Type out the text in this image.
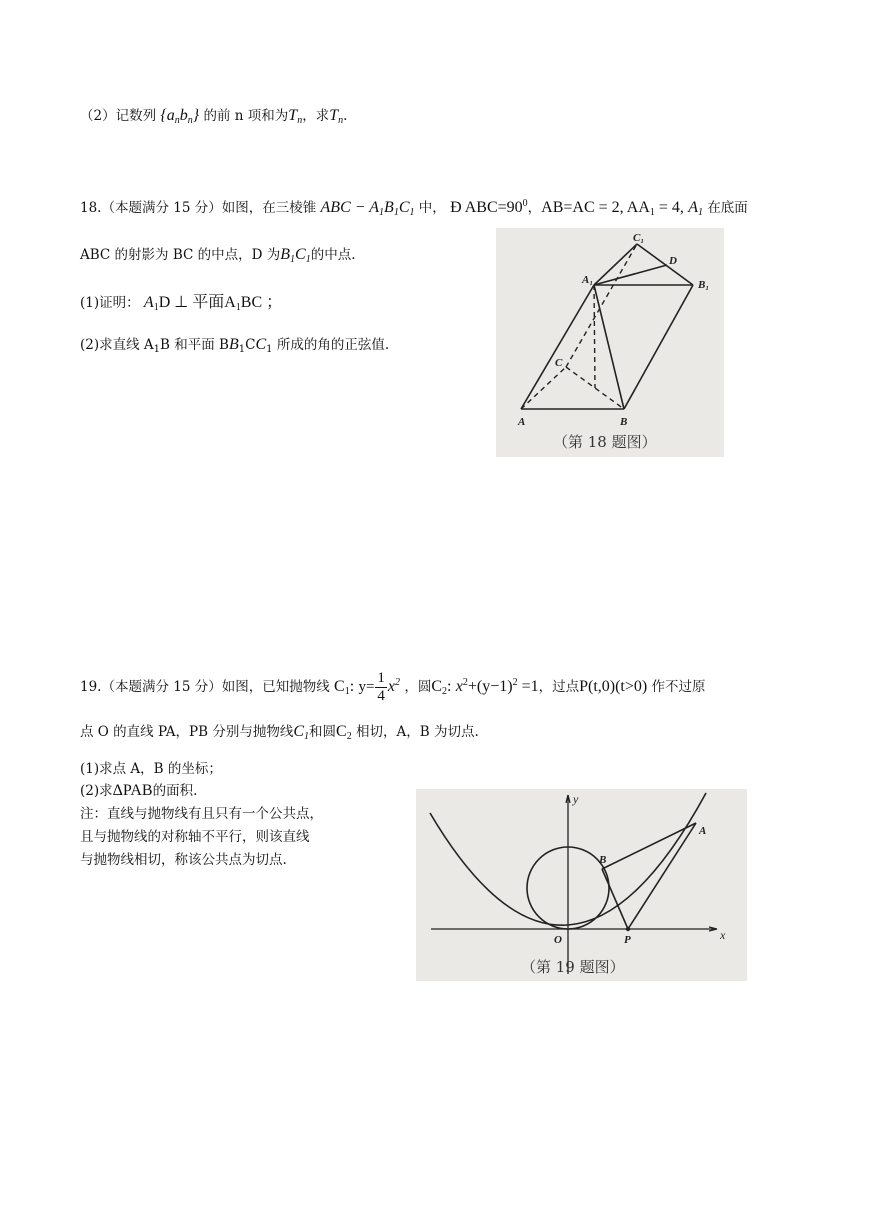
（2）记数列 $\{a_nb_n\}$ 的前 n 项和为$T_n$，求$T_n$.
18.（本题满分 15 分）如图，在三棱锥 ABC − $A_1B_1C_1$ 中， Ð $ABC=90^0$，AB=AC = 2, $AA_1 = 4$, $A_1$ 在底面
ABC 的射影为 BC 的中点，D 为$B_1C_1$的中点.
(1)证明： $A_1D$ ⊥ 平面$A_1BC$ ；
(2)求直线 $A_1B$ 和平面 $BB_1CC_1$ 所成的角的正弦值.
C₁
D
A₁	B₁
C
A	B
（第 18 题图）
19.（本题满分 15 分）如图，已知抛物线 $C_1$: $y= \frac{1}{4} x^2$ ，圆$C_2$: $x^2+(y-1)^2 =1$，过点P(t,0)(t>0) 作不过原
点 O 的直线 PA，PB 分别与抛物线$C_1$和圆$C_2$ 相切，A，B 为切点.
(1)求点 A，B 的坐标；
(2)求ΔPAB的面积.
注：直线与抛物线有且只有一个公共点，
且与抛物线的对称轴不平行，则该直线
与抛物线相切，称该公共点为切点.
y
x
A
B
O	P
（第 19 题图）
